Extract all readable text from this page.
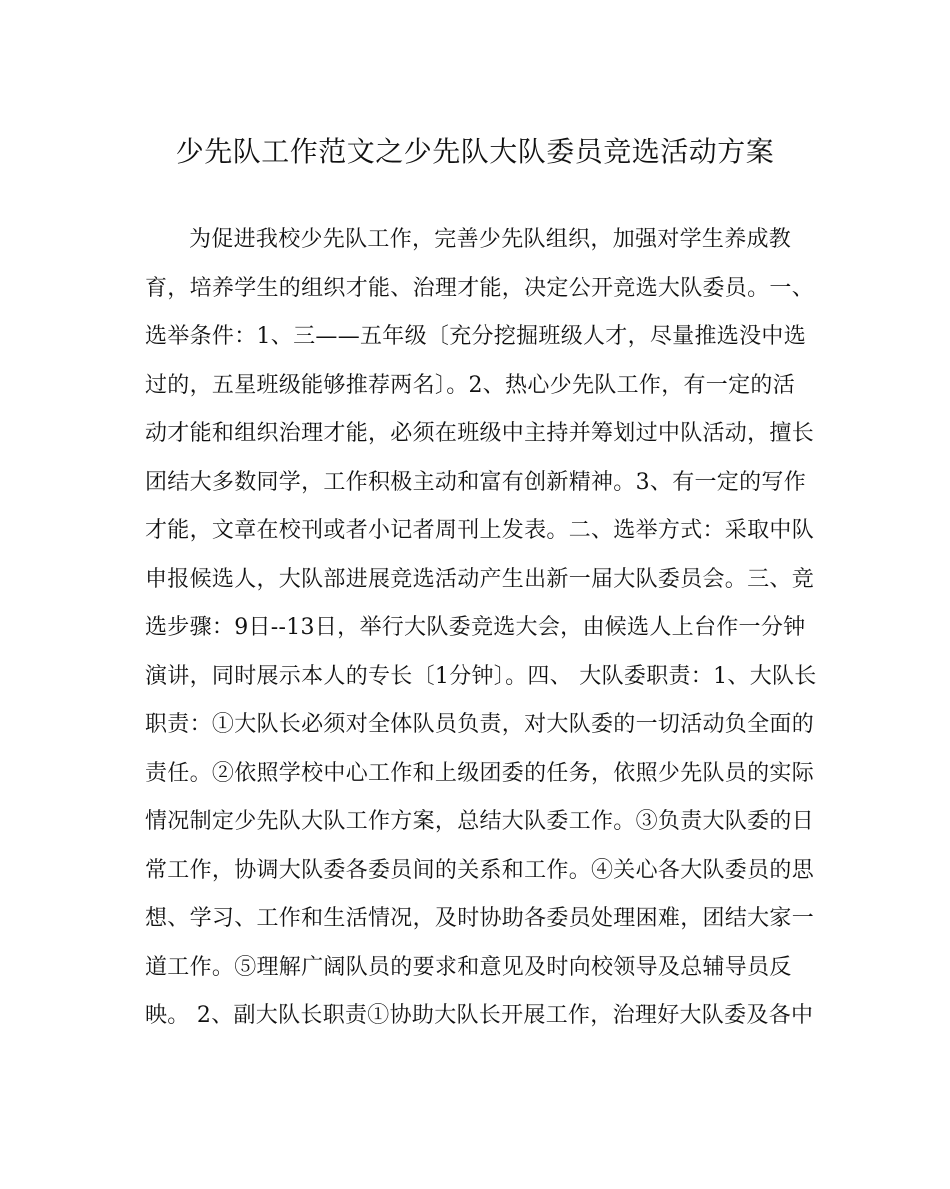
少先队工作范文之少先队大队委员竞选活动方案
为促进我校少先队工作，完善少先队组织，加强对学生养成教
育，培养学生的组织才能、治理才能，决定公开竞选大队委员。一、
选举条件：1、三——五年级〔充分挖掘班级人才，尽量推选没中选
过的，五星班级能够推荐两名〕。2、热心少先队工作，有一定的活
动才能和组织治理才能，必须在班级中主持并筹划过中队活动，擅长
团结大多数同学，工作积极主动和富有创新精神。3、有一定的写作
才能，文章在校刊或者小记者周刊上发表。二、选举方式：采取中队
申报候选人，大队部进展竞选活动产生出新一届大队委员会。三、竞
选步骤：9日--13日，举行大队委竞选大会，由候选人上台作一分钟
演讲，同时展示本人的专长〔1分钟〕。四、 大队委职责：1、大队长
职责：①大队长必须对全体队员负责，对大队委的一切活动负全面的
责任。②依照学校中心工作和上级团委的任务，依照少先队员的实际
情况制定少先队大队工作方案，总结大队委工作。③负责大队委的日
常工作，协调大队委各委员间的关系和工作。④关心各大队委员的思
想、学习、工作和生活情况，及时协助各委员处理困难，团结大家一
道工作。⑤理解广阔队员的要求和意见及时向校领导及总辅导员反
映。 2、副大队长职责①协助大队长开展工作，治理好大队委及各中
